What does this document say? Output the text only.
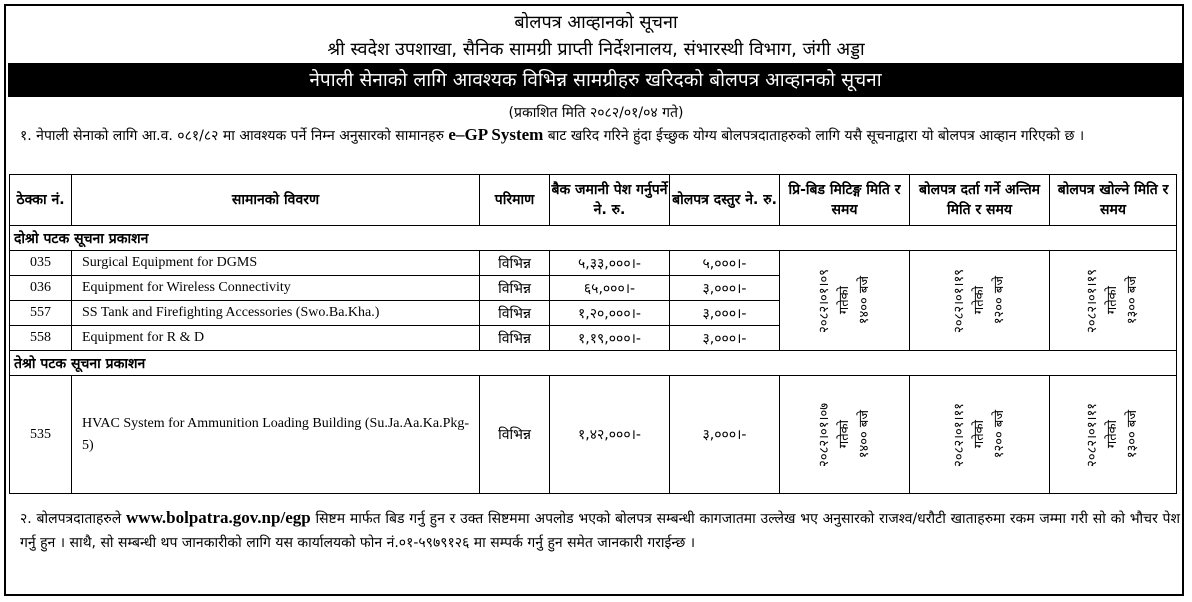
बोलपत्र आव्हानको सूचना
श्री स्वदेश उपशाखा, सैनिक सामग्री प्राप्ती निर्देशनालय, संभारस्थी विभाग, जंगी अड्डा
नेपाली सेनाको लागि आवश्यक विभिन्न सामग्रीहरु खरिदको बोलपत्र आव्हानको सूचना
(प्रकाशित मिति २०८२/०१/०४ गते)
१. नेपाली सेनाको लागि आ.व. ०८१/८२ मा आवश्यक पर्ने निम्न अनुसारको सामानहरु e–GP System बाट खरिद गरिने हुंदा ईच्छुक योग्य बोलपत्रदाताहरुको लागि यसै सूचनाद्वारा यो बोलपत्र आव्हान गरिएको छ ।
ठेक्का नं.	सामानको विवरण	परिमाण	बैक जमानी पेश गर्नुपर्ने ने. रु.	बोलपत्र दस्तुर ने. रु.	प्रि-बिड मिटिङ्ग मिति र समय	बोलपत्र दर्ता गर्ने अन्तिम मिति र समय	बोलपत्र खोल्ने मिति र समय
दोश्रो पटक सूचना प्रकाशन							
035	Surgical Equipment for DGMS	विभिन्न	५,३३,०००।-	५,०००।-	२०८२।०१।०९ गतेको १४०० बजे	२०८२।०१।१९ गतेको १२०० बजे	२०८२।०१।१९ गतेको १३०० बजे

036	Equipment for Wireless Connectivity	विभिन्न	६५,०००।-	३,०००।-			
557	SS Tank and Firefighting Accessories (Swo.Ba.Kha.)	विभिन्न	१,२०,०००।-	३,०००।-			
558	Equipment for R & D	विभिन्न	१,१९,०००।-	३,०००।-			
तेश्रो पटक सूचना प्रकाशन							
535	HVAC System for Ammunition Loading Building (Su.Ja.Aa.Ka.Pkg-5)	विभिन्न	१,४२,०००।-	३,०००।-	२०८२।०१।०७ गतेको १४०० बजे	२०८२।०१।११ गतेको १२०० बजे	२०८२।०१।११ गतेको १३०० बजे
२. बोलपत्रदाताहरुले www.bolpatra.gov.np/egp सिष्टम मार्फत बिड गर्नु हुन र उक्त सिष्टममा अपलोड भएको बोलपत्र सम्बन्धी कागजातमा उल्लेख भए अनुसारको राजश्व/धरौटी खाताहरुमा रकम जम्मा गरी सो को भौचर पेश गर्नु हुन । साथै, सो सम्बन्धी थप जानकारीको लागि यस कार्यालयको फोन नं.०१-५९७९१२६ मा सम्पर्क गर्नु हुन समेत जानकारी गराईन्छ ।
